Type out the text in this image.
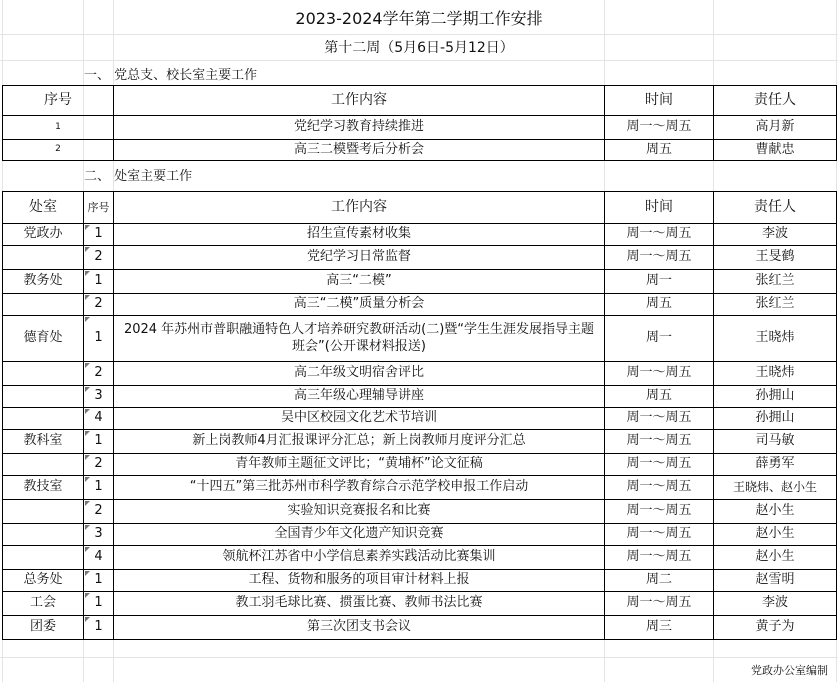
2023-2024学年第二学期工作安排
第十二周（5月6日-5月12日）
一、 党总支、校长室主要工作
序号	工作内容	时间	责任人
1	党纪学习教育持续推进	周一～周五	高月新
2	高三二模暨考后分析会	周五	曹献忠
二、 处室主要工作
处室	序号	工作内容	时间	责任人
党政办	1	招生宣传素材收集	周一～周五	李波
	2	党纪学习日常监督	周一～周五	王旻鹤
教务处	1	高三“二模”	周一	张红兰
	2	高三“二模”质量分析会	周五	张红兰
德育处	1	2024 年苏州市普职融通特色人才培养研究教研活动(二)暨“学生生涯发展指导主题班会”(公开课材料报送)	周一	王晓炜
	2	高二年级文明宿舍评比	周一～周五	王晓炜
	3	高三年级心理辅导讲座	周五	孙拥山
	4	吴中区校园文化艺术节培训	周一～周五	孙拥山
教科室	1	新上岗教师4月汇报课评分汇总；新上岗教师月度评分汇总	周一～周五	司马敏
	2	青年教师主题征文评比；“黄埔杯”论文征稿	周一～周五	薛勇军
教技室	1	“十四五”第三批苏州市科学教育综合示范学校申报工作启动	周一～周五	王晓炜、赵小生
	2	实验知识竞赛报名和比赛	周一～周五	赵小生
	3	全国青少年文化遗产知识竞赛	周一～周五	赵小生
	4	领航杯江苏省中小学信息素养实践活动比赛集训	周一～周五	赵小生
总务处	1	工程、货物和服务的项目审计材料上报	周二	赵雪明
工会	1	教工羽毛球比赛、掼蛋比赛、教师书法比赛	周一～周五	李波
团委	1	第三次团支书会议	周三	黄子为
党政办公室编制
